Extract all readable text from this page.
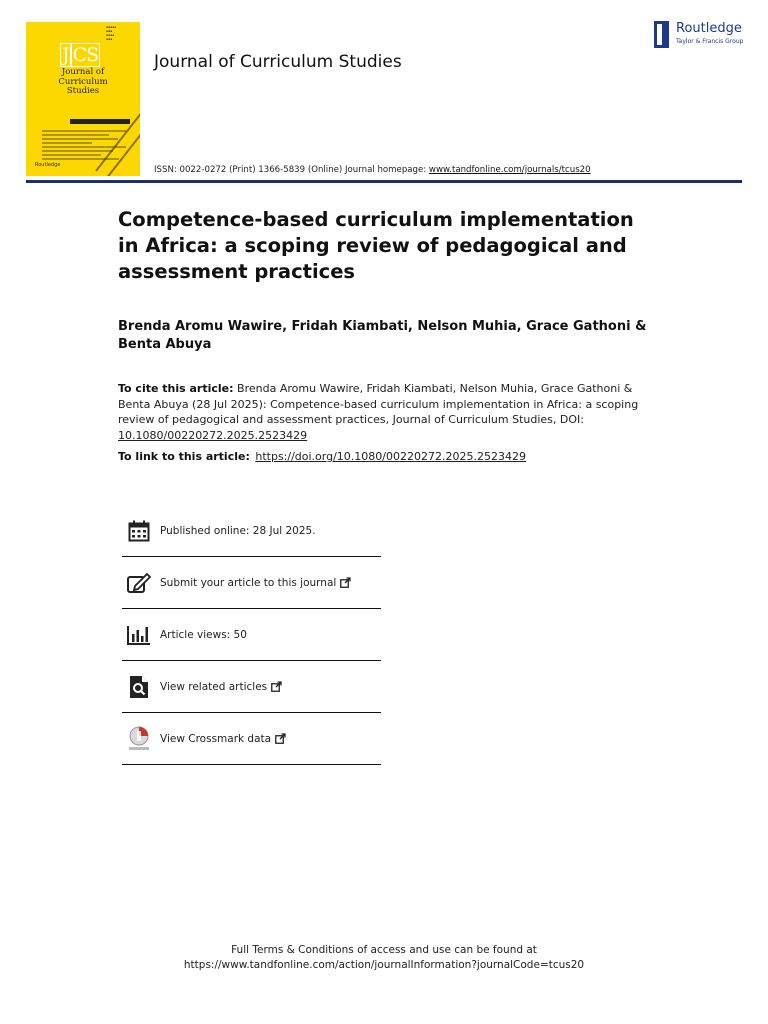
▪▪▪▪▪
▪▪▪
▪▪▪▪
▪▪▪
J CS
Journal of
Curriculum
Studies
Routledge
Journal of Curriculum Studies
Routledge
Taylor & Francis Group
ISSN: 0022-0272 (Print) 1366-5839 (Online) Journal homepage: www.tandfonline.com/journals/tcus20
Competence-based curriculum implementation in Africa: a scoping review of pedagogical and assessment practices
Brenda Aromu Wawire, Fridah Kiambati, Nelson Muhia, Grace Gathoni & Benta Abuya
To cite this article: Brenda Aromu Wawire, Fridah Kiambati, Nelson Muhia, Grace Gathoni & Benta Abuya (28 Jul 2025): Competence-based curriculum implementation in Africa: a scoping review of pedagogical and assessment practices, Journal of Curriculum Studies, DOI: 10.1080/00220272.2025.2523429
To link to this article: https://doi.org/10.1080/00220272.2025.2523429
Published online: 28 Jul 2025.
Submit your article to this journal
Article views: 50
View related articles
View Crossmark data
Full Terms & Conditions of access and use can be found at
https://www.tandfonline.com/action/journalInformation?journalCode=tcus20
